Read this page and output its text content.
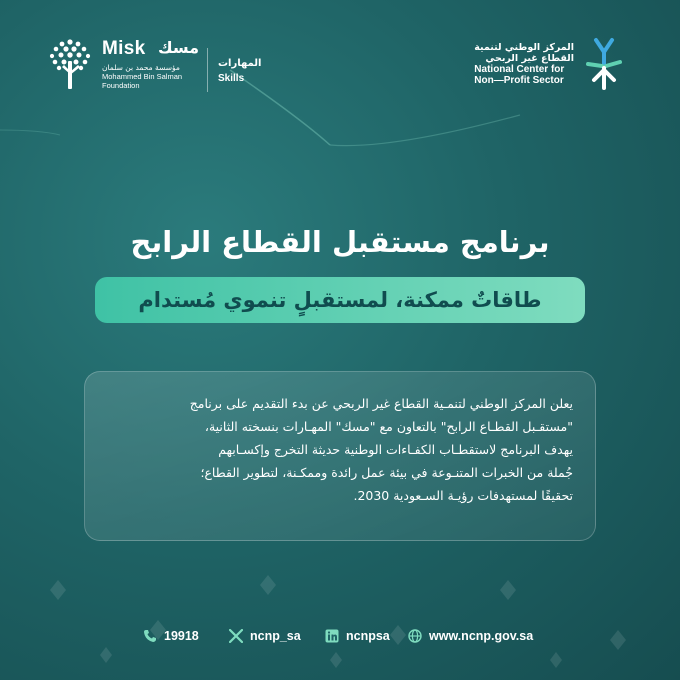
Misk مسك
مؤسسة محمد بن سلمان
Mohammed Bin Salman
Foundation
المهارات
Skills
المركز الوطني لتنمية
القطاع غير الربحي
National Center for
Non—Profit Sector
برنامج مستقبل القطاع الرابح
طاقاتٌ ممكنة، لمستقبلٍ تنموي مُستدام

يعلن المركز الوطني لتنمـية القطاع غير الربحي عن بدء التقديم على برنامج

"مستقـبل القطـاع الرابح" بالتعاون مع "مسك" المهـارات بنسخته الثانية،

يهدف البرنامج لاستقطـاب الكفـاءات الوطنية حديثة التخرج وإكسـابهم

جُملة من الخبرات المتنـوعة في بيئة عمل رائدة وممكـنة، لتطوير القطاع؛

تحقيقًا لمستهدفات رؤيـة السـعودية 2030.

19918	ncnp_sa	ncnpsa	www.ncnp.gov.sa
